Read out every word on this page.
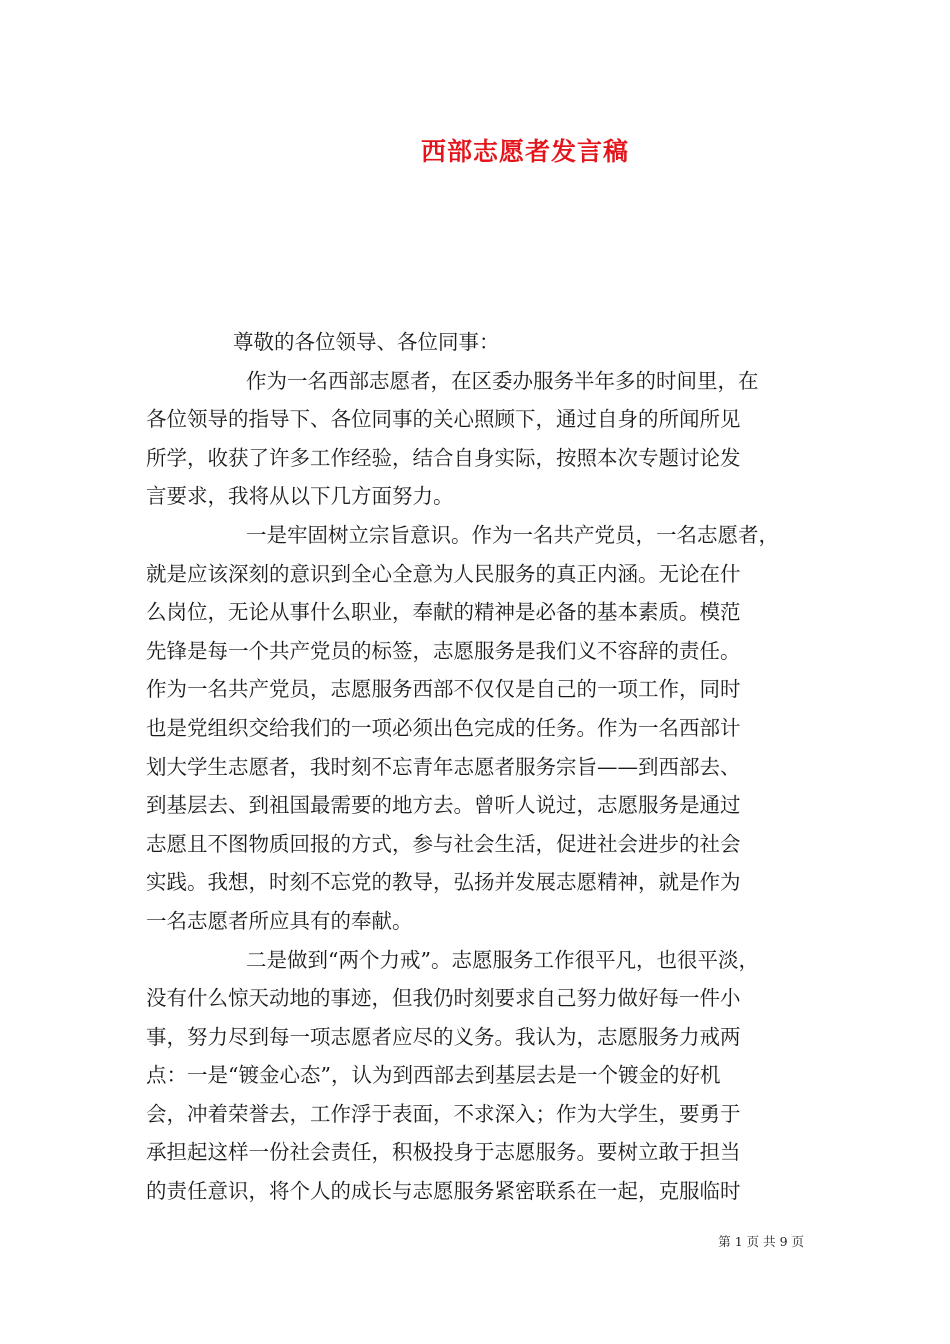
西部志愿者发言稿
尊敬的各位领导、各位同事：
作为一名西部志愿者，在区委办服务半年多的时间里，在
各位领导的指导下、各位同事的关心照顾下，通过自身的所闻所见
所学，收获了许多工作经验，结合自身实际，按照本次专题讨论发
言要求，我将从以下几方面努力。
一是牢固树立宗旨意识。作为一名共产党员，一名志愿者，
就是应该深刻的意识到全心全意为人民服务的真正内涵。无论在什
么岗位，无论从事什么职业，奉献的精神是必备的基本素质。模范
先锋是每一个共产党员的标签，志愿服务是我们义不容辞的责任。
作为一名共产党员，志愿服务西部不仅仅是自己的一项工作，同时
也是党组织交给我们的一项必须出色完成的任务。作为一名西部计
划大学生志愿者，我时刻不忘青年志愿者服务宗旨——到西部去、
到基层去、到祖国最需要的地方去。曾听人说过，志愿服务是通过
志愿且不图物质回报的方式，参与社会生活，促进社会进步的社会
实践。我想，时刻不忘党的教导，弘扬并发展志愿精神，就是作为
一名志愿者所应具有的奉献。
二是做到“两个力戒”。志愿服务工作很平凡，也很平淡，
没有什么惊天动地的事迹，但我仍时刻要求自己努力做好每一件小
事，努力尽到每一项志愿者应尽的义务。我认为，志愿服务力戒两
点：一是“镀金心态”，认为到西部去到基层去是一个镀金的好机
会，冲着荣誉去，工作浮于表面，不求深入；作为大学生，要勇于
承担起这样一份社会责任，积极投身于志愿服务。要树立敢于担当
的责任意识，将个人的成长与志愿服务紧密联系在一起，克服临时
第 1 页 共 9 页
